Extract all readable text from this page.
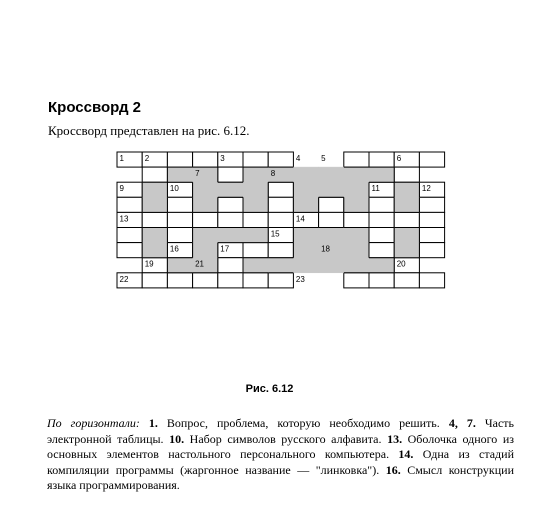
Кроссворд 2

Кроссворд представлен на рис. 6.12.

1	2	3	4	5	6
7	8
9	10	11	12
13	14
15
16	17	18
19	20
21
22	23

Рис. 6.12

По горизонтали: 1. Вопрос, проблема, которую необходимо решить. 4, 7. Часть электронной таблицы. 10. Набор символов русского алфавита. 13. Оболочка одного из основных элементов настольного персонального компьютера. 14. Одна из стадий компиляции программы (жаргонное название — "линковка"). 16. Смысл конструкции языка программирования.
